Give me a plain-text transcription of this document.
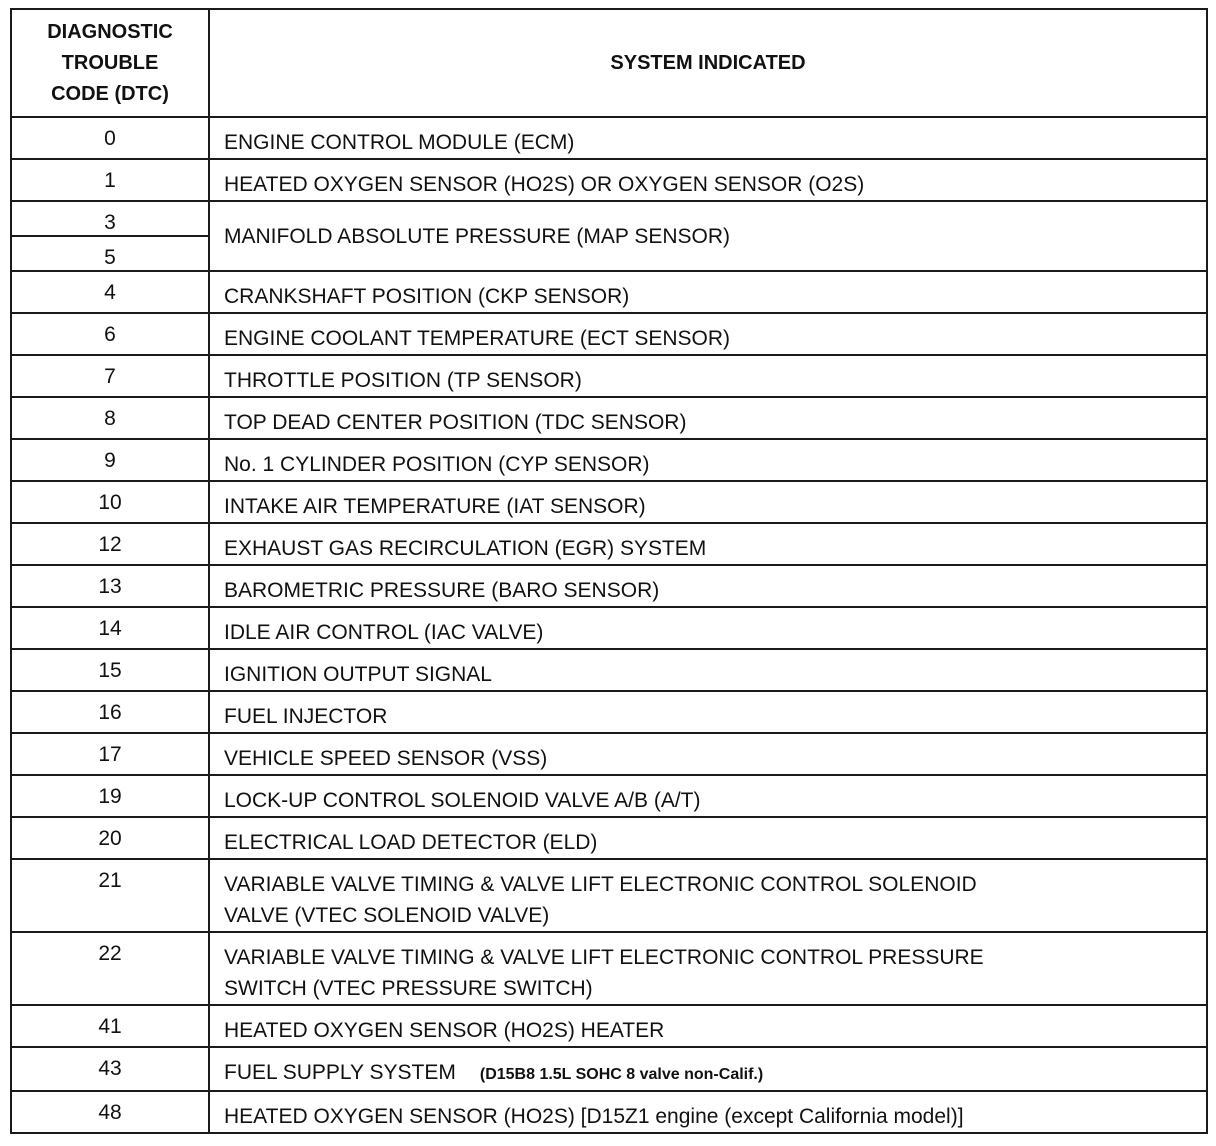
DIAGNOSTIC
TROUBLE
CODE (DTC)	SYSTEM INDICATED
0	ENGINE CONTROL MODULE (ECM)
1	HEATED OXYGEN SENSOR (HO2S) OR OXYGEN SENSOR (O2S)
3	MANIFOLD ABSOLUTE PRESSURE (MAP SENSOR)
5	
4	CRANKSHAFT POSITION (CKP SENSOR)
6	ENGINE COOLANT TEMPERATURE (ECT SENSOR)
7	THROTTLE POSITION (TP SENSOR)
8	TOP DEAD CENTER POSITION (TDC SENSOR)
9	No. 1 CYLINDER POSITION (CYP SENSOR)
10	INTAKE AIR TEMPERATURE (IAT SENSOR)
12	EXHAUST GAS RECIRCULATION (EGR) SYSTEM
13	BAROMETRIC PRESSURE (BARO SENSOR)
14	IDLE AIR CONTROL (IAC VALVE)
15	IGNITION OUTPUT SIGNAL
16	FUEL INJECTOR
17	VEHICLE SPEED SENSOR (VSS)
19	LOCK-UP CONTROL SOLENOID VALVE A/B (A/T)
20	ELECTRICAL LOAD DETECTOR (ELD)
21	VARIABLE VALVE TIMING & VALVE LIFT ELECTRONIC CONTROL SOLENOID
VALVE (VTEC SOLENOID VALVE)

22	VARIABLE VALVE TIMING & VALVE LIFT ELECTRONIC CONTROL PRESSURE
SWITCH (VTEC PRESSURE SWITCH)

41	HEATED OXYGEN SENSOR (HO2S) HEATER
43	FUEL SUPPLY SYSTEM (D15B8 1.5L SOHC 8 valve non-Calif.)
48	HEATED OXYGEN SENSOR (HO2S) [D15Z1 engine (except California model)]
